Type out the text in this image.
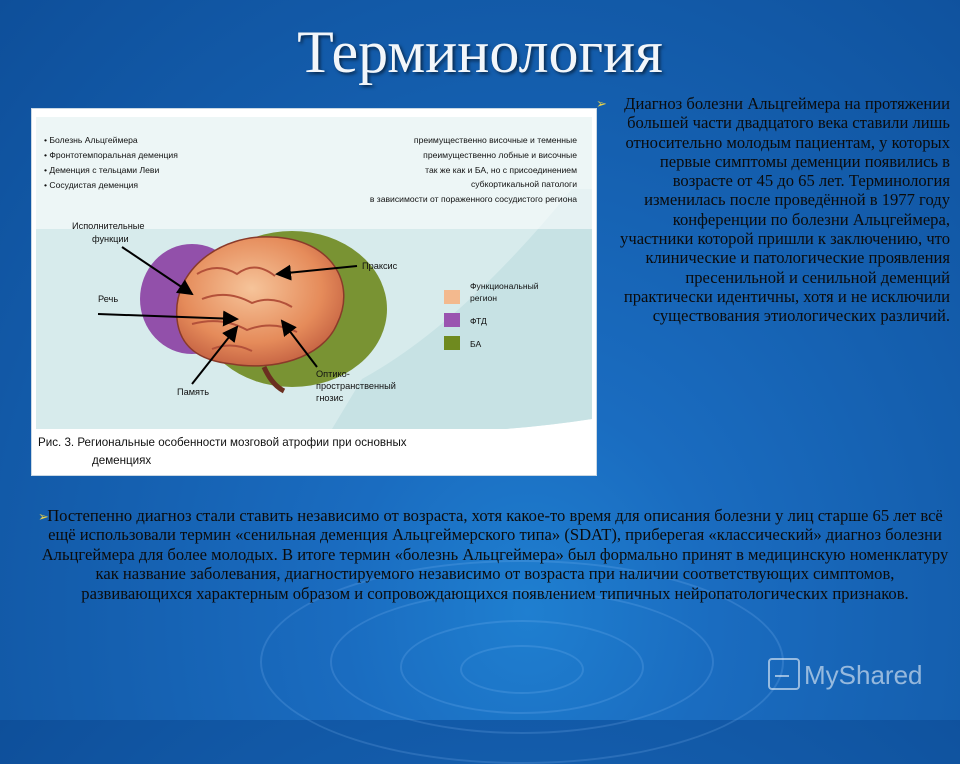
Терминология
• Болезнь Альцгеймера
• Фронтотемпоральная деменция
• Деменция с тельцами Леви
• Сосудистая деменция
преимущественно височные и теменные
преимущественно лобные и височные
так же как и БА, но с присоединением
субкортикальной патологи
в зависимости от пораженного сосудистого региона
Исполнительные
функции
Праксис
Речь
Память
Оптико-
пространственный
гнозис
Функциональный
регион
ФТД
БА
Рис. 3. Региональные особенности мозговой атрофии при основных
деменциях
➢ Диагноз болезни Альцгеймера на протяжении большей части двадцатого века ставили лишь относительно молодым пациентам, у которых первые симптомы деменции появились в возрасте от 45 до 65 лет. Терминология изменилась после проведённой в 1977 году конференции по болезни Альцгеймера, участники которой пришли к заключению, что клинические и патологические проявления пресенильной и сенильной деменций практически идентичны, хотя и не исключили существования этиологических различий.
➢
Постепенно диагноз стали ставить независимо от возраста, хотя какое-то время для описания болезни у лиц старше 65 лет всё ещё использовали термин «сенильная деменция Альцгеймерского типа» (SDAT), приберегая «классический» диагноз болезни Альцгеймера для более молодых. В итоге термин «болезнь Альцгеймера» был формально принят в медицинскую номенклатуру как название заболевания, диагностируемого независимо от возраста при наличии соответствующих симптомов, развивающихся характерным образом и сопровождающихся появлением типичных нейропатологических признаков.
MyShared
